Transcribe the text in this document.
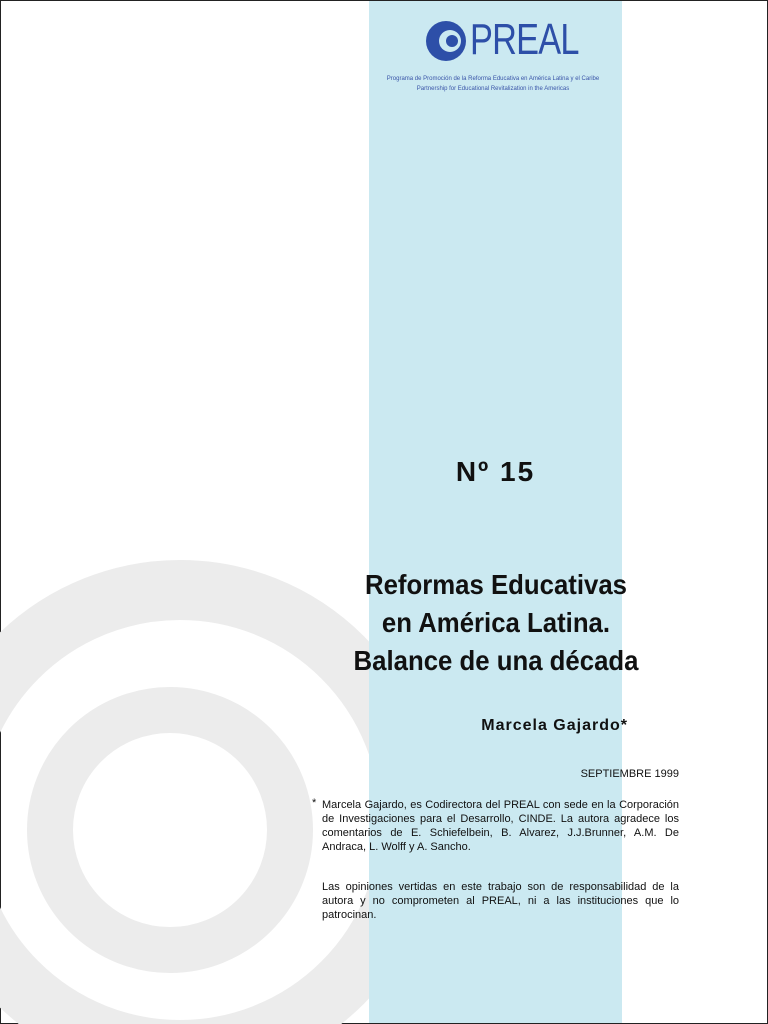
PREAL
Programa de Promoción de la Reforma Educativa en América Latina y el Caribe
Partnership for Educational Revitalization in the Americas
Nº 15
Reformas Educativas
en América Latina.
Balance de una década
Marcela Gajardo*
SEPTIEMBRE 1999
* Marcela Gajardo, es Codirectora del PREAL con sede en la Corporación de Investigaciones para el Desarrollo, CINDE. La autora agradece los comentarios de E. Schiefelbein, B. Alvarez, J.J.Brunner, A.M. De Andraca, L. Wolff y A. Sancho.
Las opiniones vertidas en este trabajo son de responsabilidad de la autora y no comprometen al PREAL, ni a las instituciones que lo patrocinan.
